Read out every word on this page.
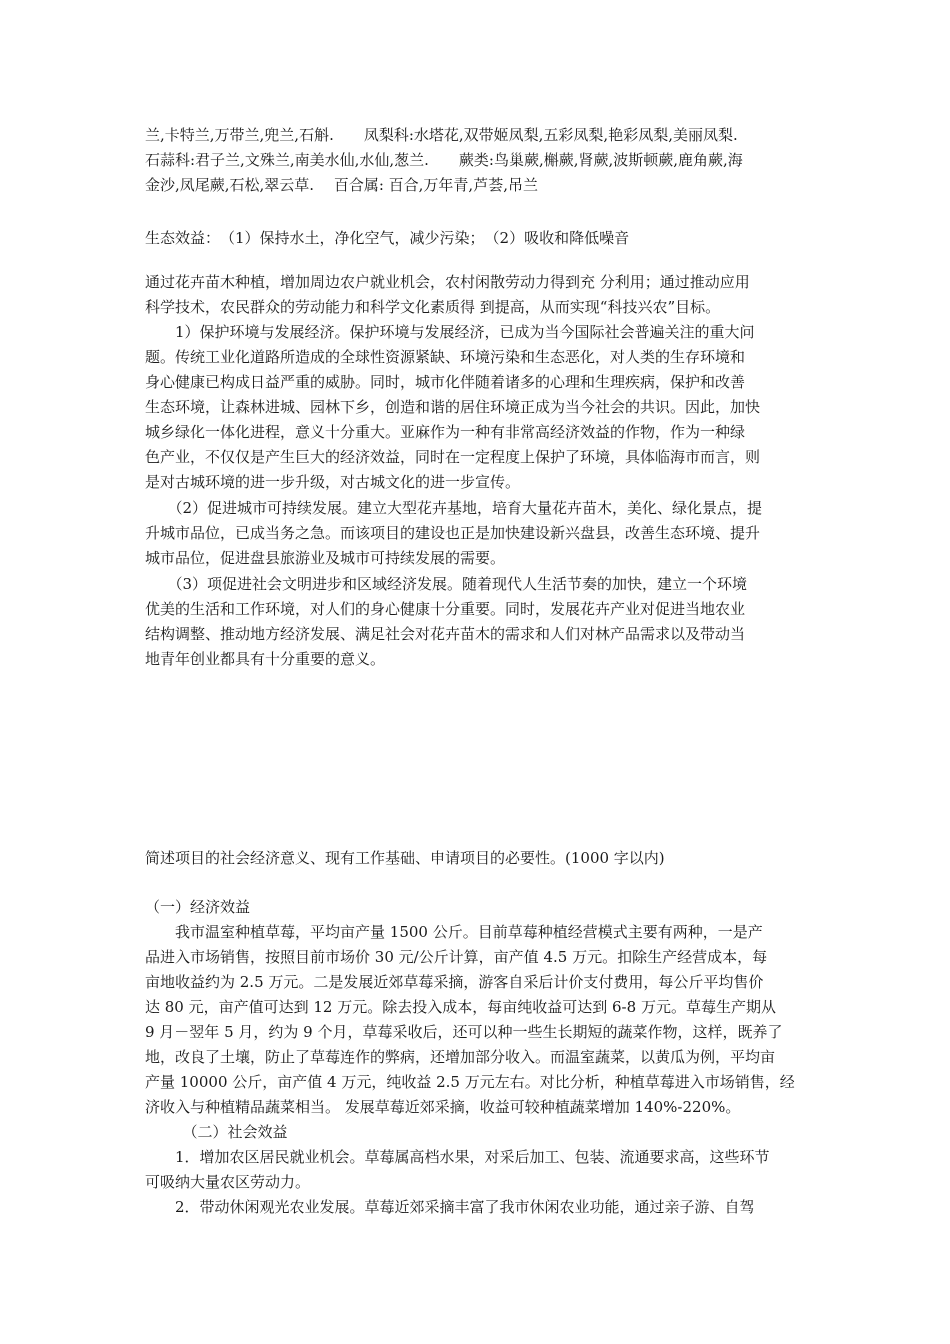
兰,卡特兰,万带兰,兜兰,石斛.　　凤梨科:水塔花,双带姬凤梨,五彩凤梨,艳彩凤梨,美丽凤梨.
石蒜科:君子兰,文殊兰,南美水仙,水仙,葱兰.　　蕨类:鸟巢蕨,槲蕨,肾蕨,波斯顿蕨,鹿角蕨,海
金沙,凤尾蕨,石松,翠云草.　 百合属: 百合,万年青,芦荟,吊兰
生态效益：　（1）保持水土，净化空气，减少污染；　（2）吸收和降低噪音
通过花卉苗木种植，增加周边农户就业机会，农村闲散劳动力得到充 分利用；通过推动应用
科学技术，农民群众的劳动能力和科学文化素质得 到提高，从而实现“科技兴农”目标。
　　1）保护环境与发展经济。保护环境与发展经济，已成为当今国际社会普遍关注的重大问
题。传统工业化道路所造成的全球性资源紧缺、环境污染和生态恶化，对人类的生存环境和
身心健康已构成日益严重的威胁。同时，城市化伴随着诸多的心理和生理疾病，保护和改善
生态环境，让森林进城、园林下乡，创造和谐的居住环境正成为当今社会的共识。因此，加快
城乡绿化一体化进程，意义十分重大。亚麻作为一种有非常高经济效益的作物，作为一种绿
色产业，不仅仅是产生巨大的经济效益，同时在一定程度上保护了环境，具体临海市而言，则
是对古城环境的进一步升级，对古城文化的进一步宣传。
　　（2）促进城市可持续发展。建立大型花卉基地，培育大量花卉苗木，美化、绿化景点，提
升城市品位，已成当务之急。而该项目的建设也正是加快建设新兴盘县，改善生态环境、提升
城市品位，促进盘县旅游业及城市可持续发展的需要。
　　（3）项促进社会文明进步和区域经济发展。随着现代人生活节奏的加快，建立一个环境
优美的生活和工作环境，对人们的身心健康十分重要。同时，发展花卉产业对促进当地农业
结构调整、推动地方经济发展、满足社会对花卉苗木的需求和人们对林产品需求以及带动当
地青年创业都具有十分重要的意义。
简述项目的社会经济意义、现有工作基础、申请项目的必要性。(1000 字以内)
（一）经济效益
　　我市温室种植草莓，平均亩产量 1500 公斤。目前草莓种植经营模式主要有两种，一是产
品进入市场销售，按照目前市场价 30 元/公斤计算，亩产值 4.5 万元。扣除生产经营成本，每
亩地收益约为 2.5 万元。二是发展近郊草莓采摘，游客自采后计价支付费用，每公斤平均售价
达 80 元，亩产值可达到 12 万元。除去投入成本，每亩纯收益可达到 6-8 万元。草莓生产期从
9 月－翌年 5 月，约为 9 个月，草莓采收后，还可以种一些生长期短的蔬菜作物，这样，既养了
地，改良了土壤，防止了草莓连作的弊病，还增加部分收入。而温室蔬菜，以黄瓜为例，平均亩
产量 10000 公斤，亩产值 4 万元，纯收益 2.5 万元左右。对比分析，种植草莓进入市场销售，经
济收入与种植精品蔬菜相当。 发展草莓近郊采摘，收益可较种植蔬菜增加 140%-220%。
　　　（二）社会效益
　　1．增加农区居民就业机会。草莓属高档水果，对采后加工、包装、流通要求高，这些环节
可吸纳大量农区劳动力。
　　2．带动休闲观光农业发展。草莓近郊采摘丰富了我市休闲农业功能，通过亲子游、自驾
